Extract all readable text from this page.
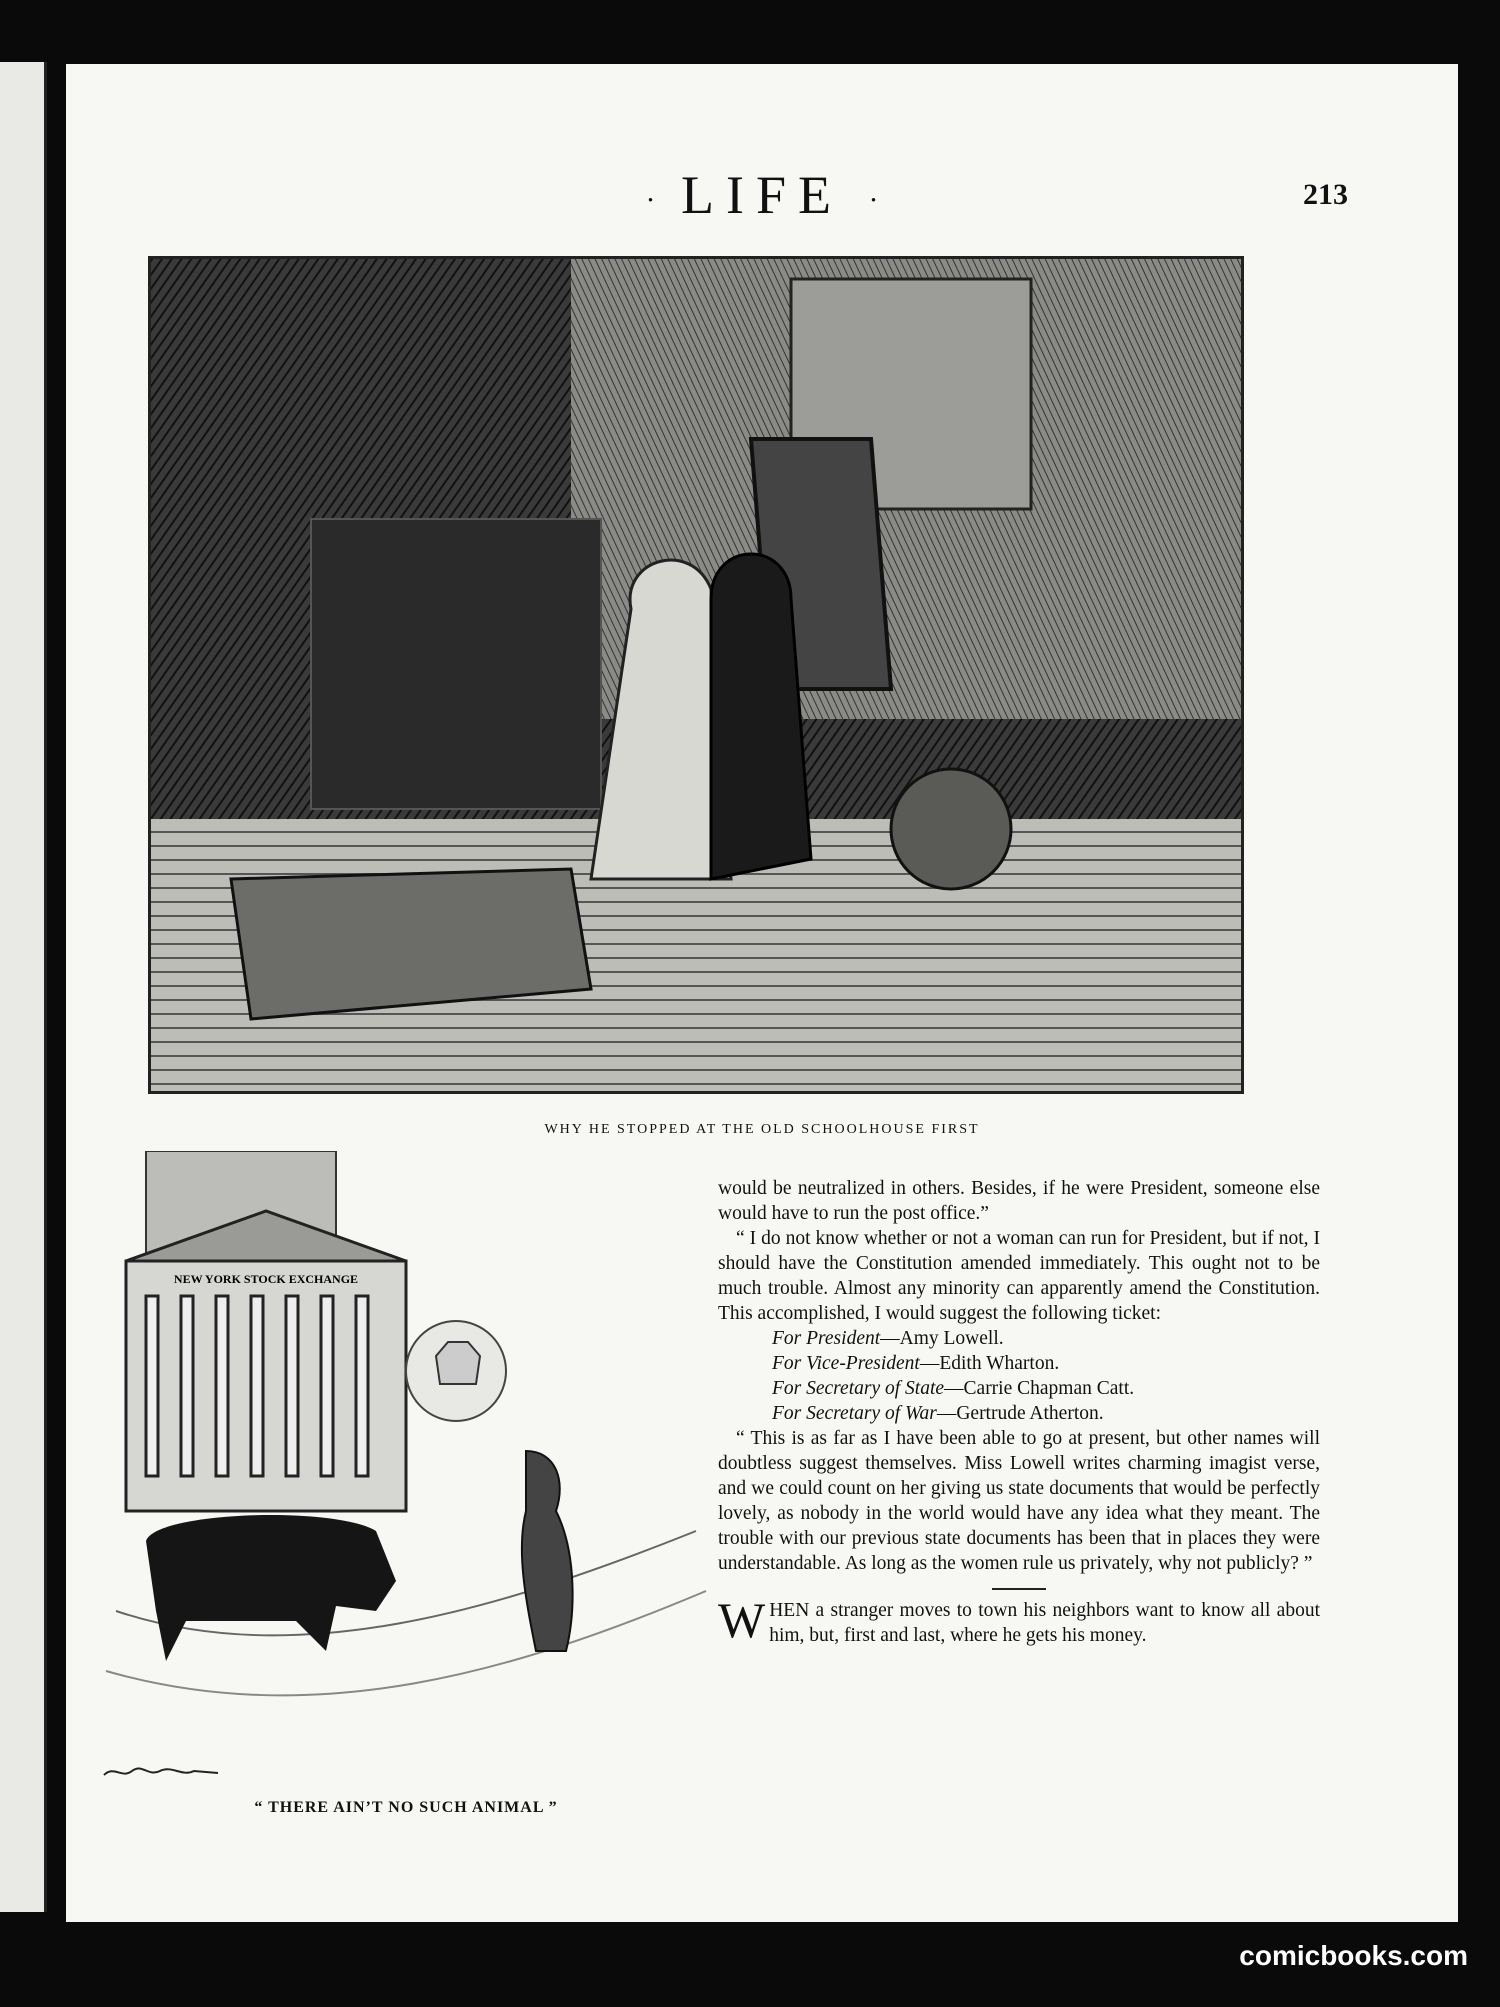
· LIFE ·	213
WHY HE STOPPED AT THE OLD SCHOOLHOUSE FIRST
NEW YORK STOCK EXCHANGE
“ THERE AIN’T NO SUCH ANIMAL ”

would be neutralized in others. Besides, if he were President, someone else would have to run the post office.”

“ I do not know whether or not a woman can run for President, but if not, I should have the Constitution amended immediately. This ought not to be much trouble. Almost any minority can apparently amend the Constitution. This accomplished, I would suggest the following ticket:

For President—Amy Lowell.
For Vice-President—Edith Wharton.
For Secretary of State—Carrie Chapman Catt.
For Secretary of War—Gertrude Atherton.

“ This is as far as I have been able to go at present, but other names will doubtless suggest themselves. Miss Lowell writes charming imagist verse, and we could count on her giving us state documents that would be perfectly lovely, as nobody in the world would have any idea what they meant. The trouble with our previous state documents has been that in places they were understandable. As long as the women rule us privately, why not publicly? ”

WHEN a stranger moves to town his neighbors want to know all about him, but, first and last, where he gets his money.

comicbooks.com
